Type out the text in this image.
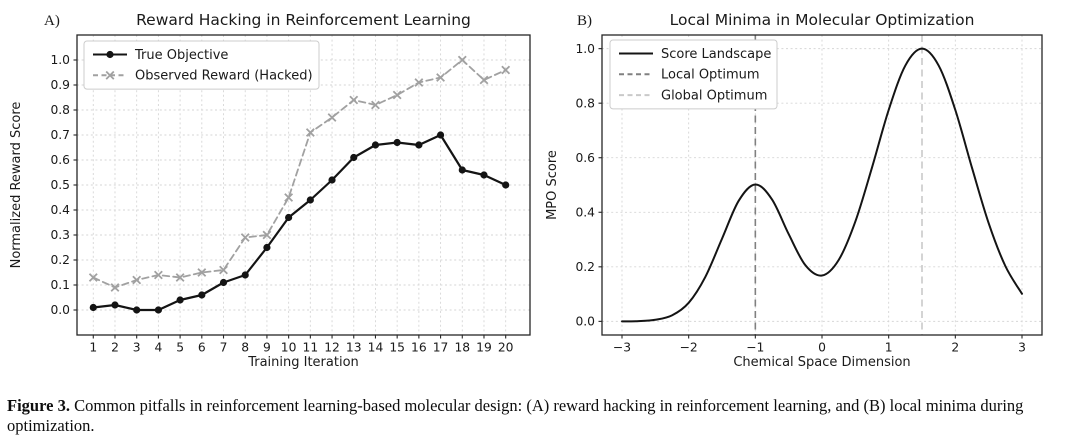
1 2 3 4 5 6 7 8 9 10 11 12 13 14 15 16 17 18 19 20
0.0
0.1
0.2
0.3
0.4
0.5
0.6
0.7
0.8
0.9
1.0
Reward Hacking in Reinforcement Learning
A)
Training Iteration
Normalized Reward Score
True Objective
Observed Reward (Hacked)
−3	−2	−1	0	1	2	3
0.0
0.2
0.4
0.6
0.8
1.0
Local Minima in Molecular Optimization
B)
Chemical Space Dimension
MPO Score
Score Landscape
Local Optimum
Global Optimum
Figure 3. Common pitfalls in reinforcement learning-based molecular design: (A) reward hacking in reinforcement learning, and (B) local minima during optimization.
